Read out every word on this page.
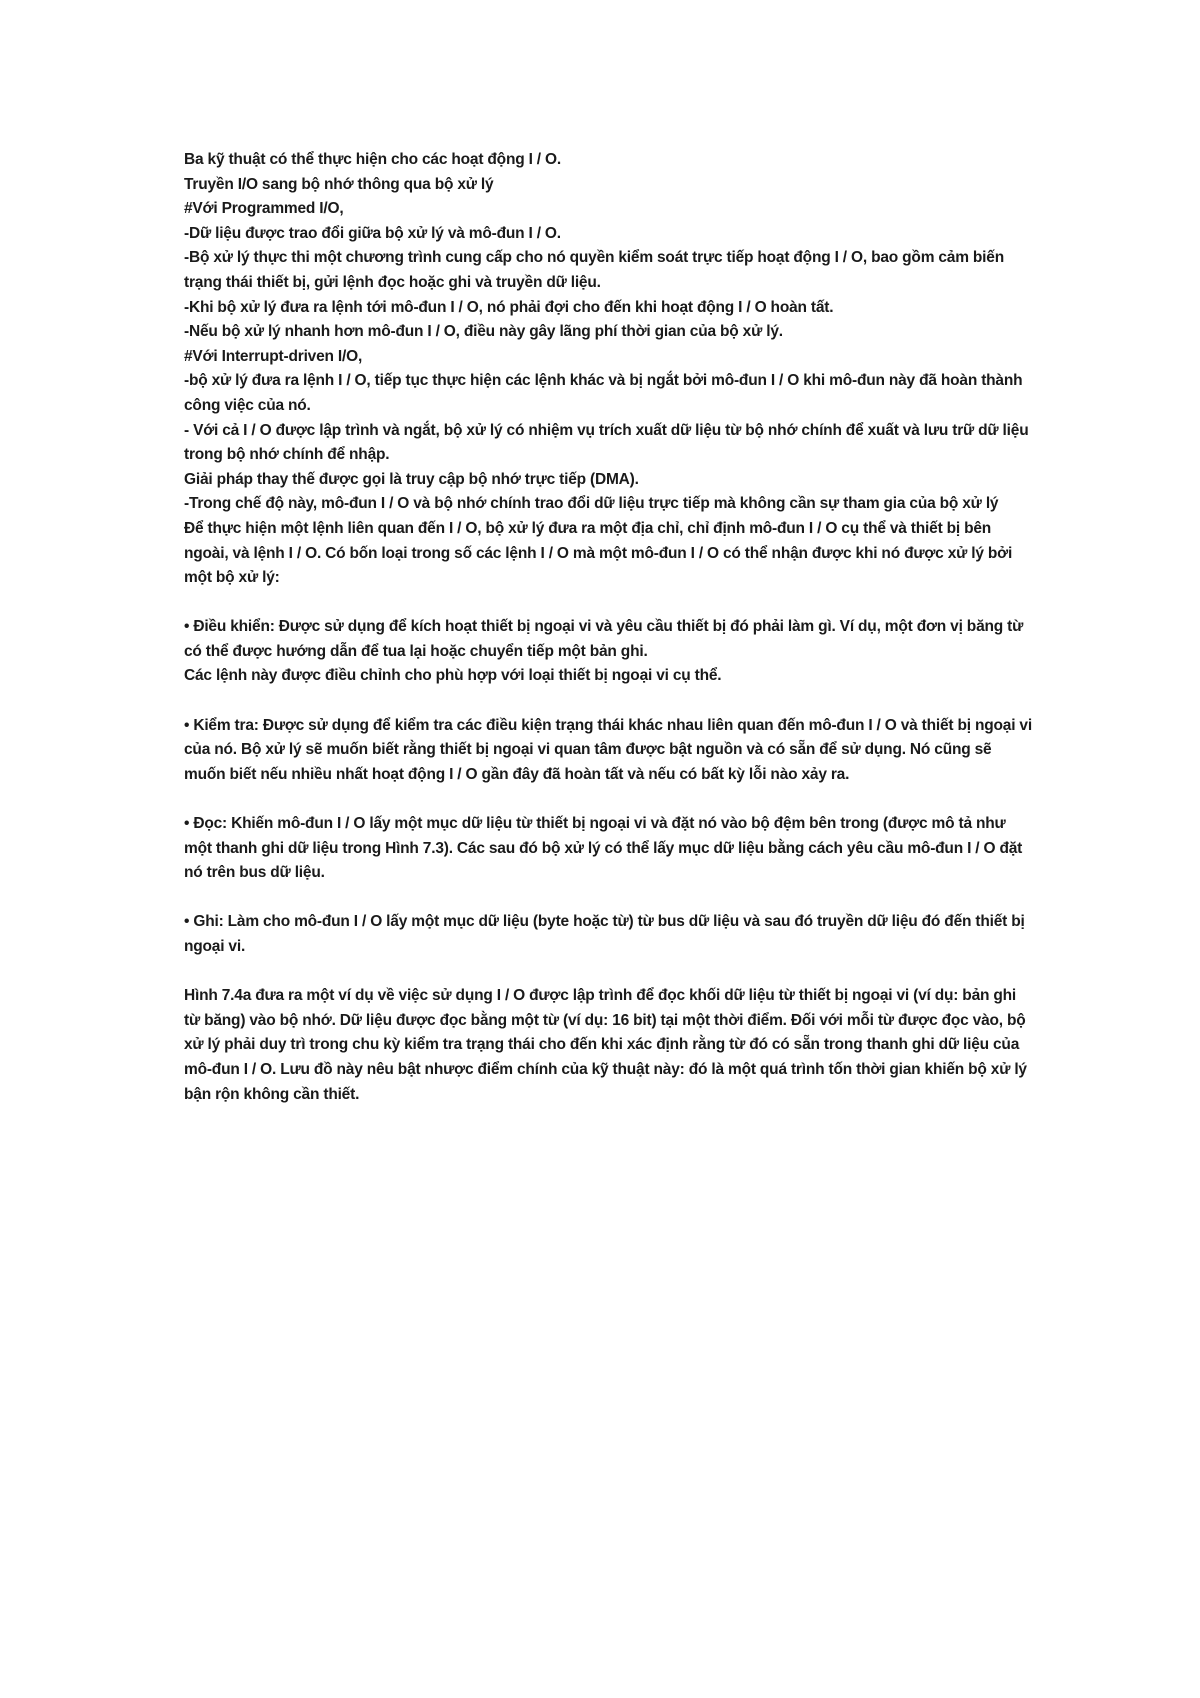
Ba kỹ thuật có thể thực hiện cho các hoạt động I / O.

Truyền I/O sang bộ nhớ thông qua bộ xử lý

#Với Programmed I/O,

-Dữ liệu được trao đổi giữa bộ xử lý và mô-đun I / O.

-Bộ xử lý thực thi một chương trình cung cấp cho nó quyền kiểm soát trực tiếp hoạt động I / O, bao gồm cảm biến trạng thái thiết bị, gửi lệnh đọc hoặc ghi và truyền dữ liệu.

-Khi bộ xử lý đưa ra lệnh tới mô-đun I / O, nó phải đợi cho đến khi hoạt động I / O hoàn tất.

-Nếu bộ xử lý nhanh hơn mô-đun I / O, điều này gây lãng phí thời gian của bộ xử lý.

#Với Interrupt-driven I/O,

-bộ xử lý đưa ra lệnh I / O, tiếp tục thực hiện các lệnh khác và bị ngắt bởi mô-đun I / O khi mô-đun này đã hoàn thành công việc của nó.

- Với cả I / O được lập trình và ngắt, bộ xử lý có nhiệm vụ trích xuất dữ liệu từ bộ nhớ chính để xuất và lưu trữ dữ liệu trong bộ nhớ chính để nhập.

Giải pháp thay thế được gọi là truy cập bộ nhớ trực tiếp (DMA).

-Trong chế độ này, mô-đun I / O và bộ nhớ chính trao đổi dữ liệu trực tiếp mà không cần sự tham gia của bộ xử lý

Để thực hiện một lệnh liên quan đến I / O, bộ xử lý đưa ra một địa chỉ, chỉ định mô-đun I / O cụ thể và thiết bị bên ngoài, và lệnh I / O. Có bốn loại trong số các lệnh I / O mà một mô-đun I / O có thể nhận được khi nó được xử lý bởi một bộ xử lý:

• Điều khiển: Được sử dụng để kích hoạt thiết bị ngoại vi và yêu cầu thiết bị đó phải làm gì. Ví dụ, một đơn vị băng từ có thể được hướng dẫn để tua lại hoặc chuyển tiếp một bản ghi.

Các lệnh này được điều chỉnh cho phù hợp với loại thiết bị ngoại vi cụ thể.

• Kiểm tra: Được sử dụng để kiểm tra các điều kiện trạng thái khác nhau liên quan đến mô-đun I / O và thiết bị ngoại vi của nó. Bộ xử lý sẽ muốn biết rằng thiết bị ngoại vi quan tâm được bật nguồn và có sẵn để sử dụng. Nó cũng sẽ muốn biết nếu nhiều nhất hoạt động I / O gần đây đã hoàn tất và nếu có bất kỳ lỗi nào xảy ra.

• Đọc: Khiến mô-đun I / O lấy một mục dữ liệu từ thiết bị ngoại vi và đặt nó vào bộ đệm bên trong (được mô tả như một thanh ghi dữ liệu trong Hình 7.3). Các sau đó bộ xử lý có thể lấy mục dữ liệu bằng cách yêu cầu mô-đun I / O đặt nó trên bus dữ liệu.

• Ghi: Làm cho mô-đun I / O lấy một mục dữ liệu (byte hoặc từ) từ bus dữ liệu và sau đó truyền dữ liệu đó đến thiết bị ngoại vi.

Hình 7.4a đưa ra một ví dụ về việc sử dụng I / O được lập trình để đọc khối dữ liệu từ thiết bị ngoại vi (ví dụ: bản ghi từ băng) vào bộ nhớ. Dữ liệu được đọc bằng một từ (ví dụ: 16 bit) tại một thời điểm. Đối với mỗi từ được đọc vào, bộ xử lý phải duy trì trong chu kỳ kiểm tra trạng thái cho đến khi xác định rằng từ đó có sẵn trong thanh ghi dữ liệu của mô-đun I / O. Lưu đồ này nêu bật nhược điểm chính của kỹ thuật này: đó là một quá trình tốn thời gian khiến bộ xử lý bận rộn không cần thiết.
